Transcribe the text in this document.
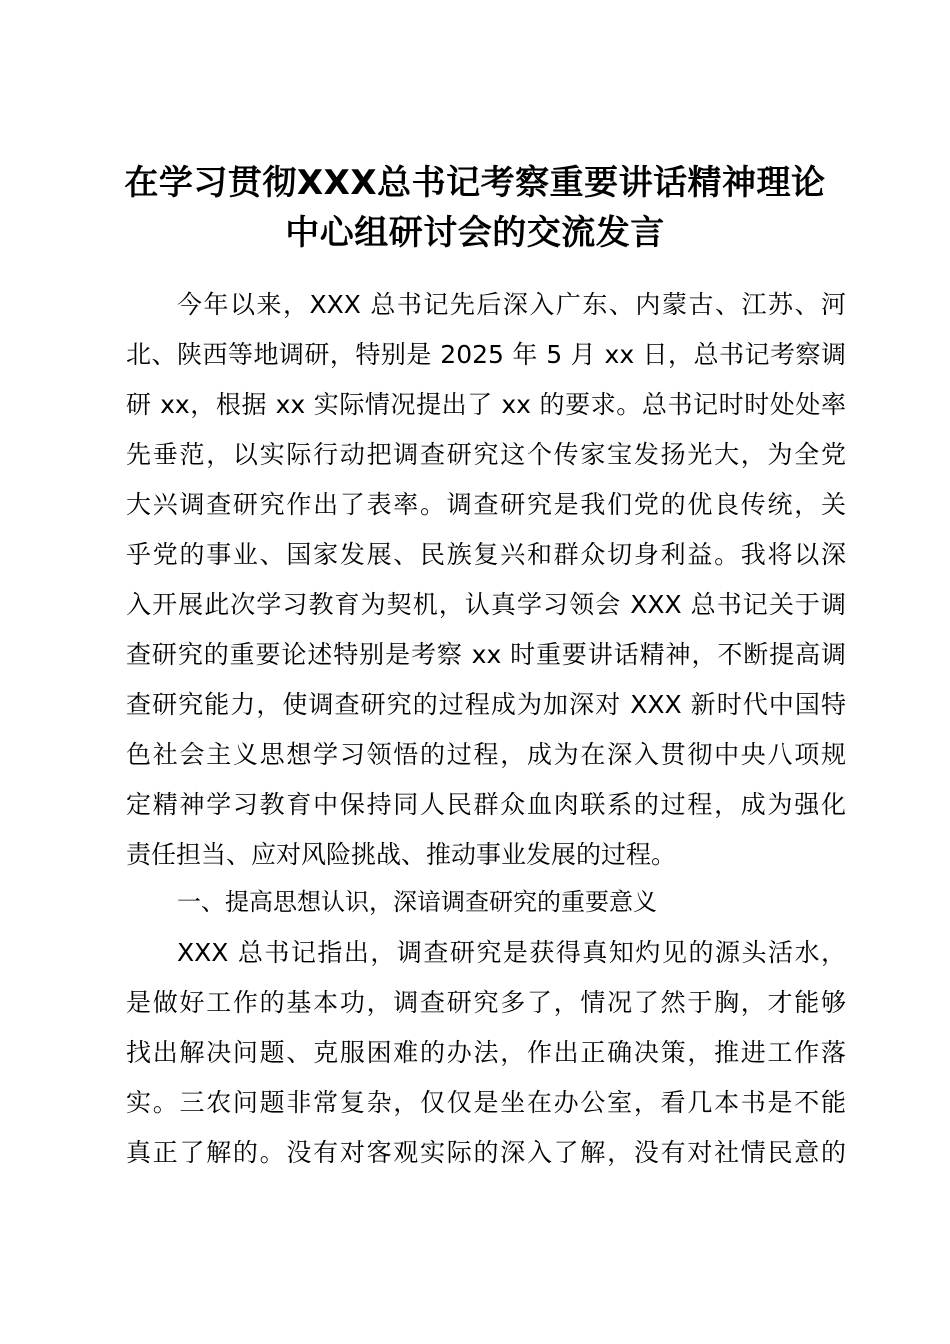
在学习贯彻XXX总书记考察重要讲话精神理论
中心组研讨会的交流发言
今年以来，XXX 总书记先后深入广东、内蒙古、江苏、河
北、陕西等地调研，特别是 2025 年 5 月 xx 日，总书记考察调
研 xx，根据 xx 实际情况提出了 xx 的要求。总书记时时处处率
先垂范，以实际行动把调查研究这个传家宝发扬光大，为全党
大兴调查研究作出了表率。调查研究是我们党的优良传统，关
乎党的事业、国家发展、民族复兴和群众切身利益。我将以深
入开展此次学习教育为契机，认真学习领会 XXX 总书记关于调
查研究的重要论述特别是考察 xx 时重要讲话精神，不断提高调
查研究能力，使调查研究的过程成为加深对 XXX 新时代中国特
色社会主义思想学习领悟的过程，成为在深入贯彻中央八项规
定精神学习教育中保持同人民群众血肉联系的过程，成为强化
责任担当、应对风险挑战、推动事业发展的过程。
一、提高思想认识，深谙调查研究的重要意义
XXX 总书记指出，调查研究是获得真知灼见的源头活水，
是做好工作的基本功，调查研究多了，情况了然于胸，才能够
找出解决问题、克服困难的办法，作出正确决策，推进工作落
实。三农问题非常复杂，仅仅是坐在办公室，看几本书是不能
真正了解的。没有对客观实际的深入了解，没有对社情民意的
